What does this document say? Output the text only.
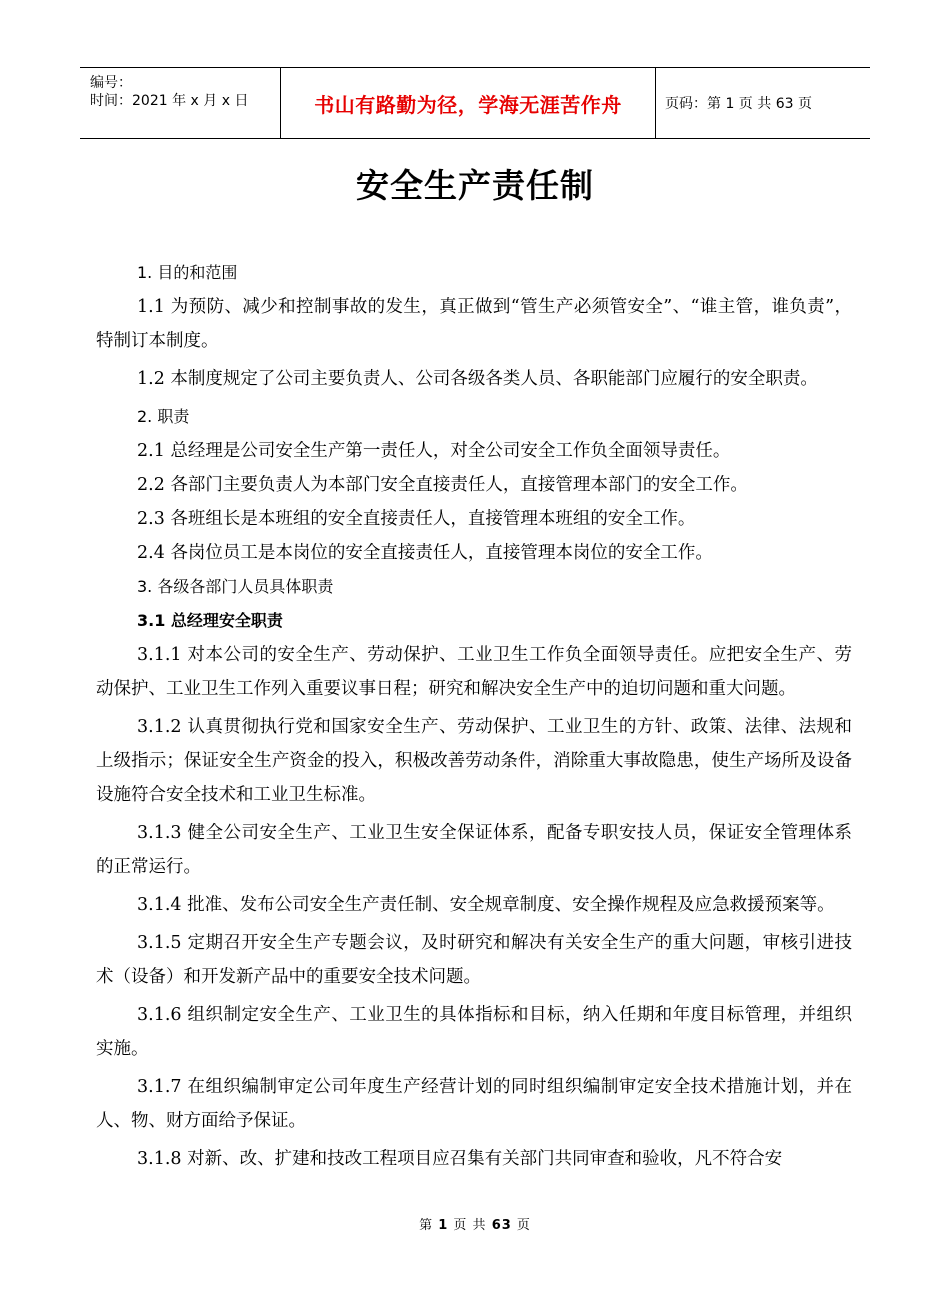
编号：
时间：2021 年 x 月 x 日	书山有路勤为径，学海无涯苦作舟	页码：第 1 页 共 63 页
安全生产责任制

1. 目的和范围

1.1 为预防、减少和控制事故的发生，真正做到“管生产必须管安全”、“谁主管，谁负责”，特制订本制度。

1.2 本制度规定了公司主要负责人、公司各级各类人员、各职能部门应履行的安全职责。

2. 职责

2.1 总经理是公司安全生产第一责任人，对全公司安全工作负全面领导责任。

2.2 各部门主要负责人为本部门安全直接责任人，直接管理本部门的安全工作。

2.3 各班组长是本班组的安全直接责任人，直接管理本班组的安全工作。

2.4 各岗位员工是本岗位的安全直接责任人，直接管理本岗位的安全工作。

3. 各级各部门人员具体职责

3.1 总经理安全职责

3.1.1 对本公司的安全生产、劳动保护、工业卫生工作负全面领导责任。应把安全生产、劳动保护、工业卫生工作列入重要议事日程；研究和解决安全生产中的迫切问题和重大问题。

3.1.2 认真贯彻执行党和国家安全生产、劳动保护、工业卫生的方针、政策、法律、法规和上级指示；保证安全生产资金的投入，积极改善劳动条件，消除重大事故隐患，使生产场所及设备设施符合安全技术和工业卫生标准。

3.1.3 健全公司安全生产、工业卫生安全保证体系，配备专职安技人员，保证安全管理体系的正常运行。

3.1.4 批准、发布公司安全生产责任制、安全规章制度、安全操作规程及应急救援预案等。

3.1.5 定期召开安全生产专题会议，及时研究和解决有关安全生产的重大问题，审核引进技术（设备）和开发新产品中的重要安全技术问题。

3.1.6 组织制定安全生产、工业卫生的具体指标和目标，纳入任期和年度目标管理，并组织实施。

3.1.7 在组织编制审定公司年度生产经营计划的同时组织编制审定安全技术措施计划，并在人、物、财方面给予保证。

3.1.8 对新、改、扩建和技改工程项目应召集有关部门共同审查和验收，凡不符合安

第 1 页 共 63 页
